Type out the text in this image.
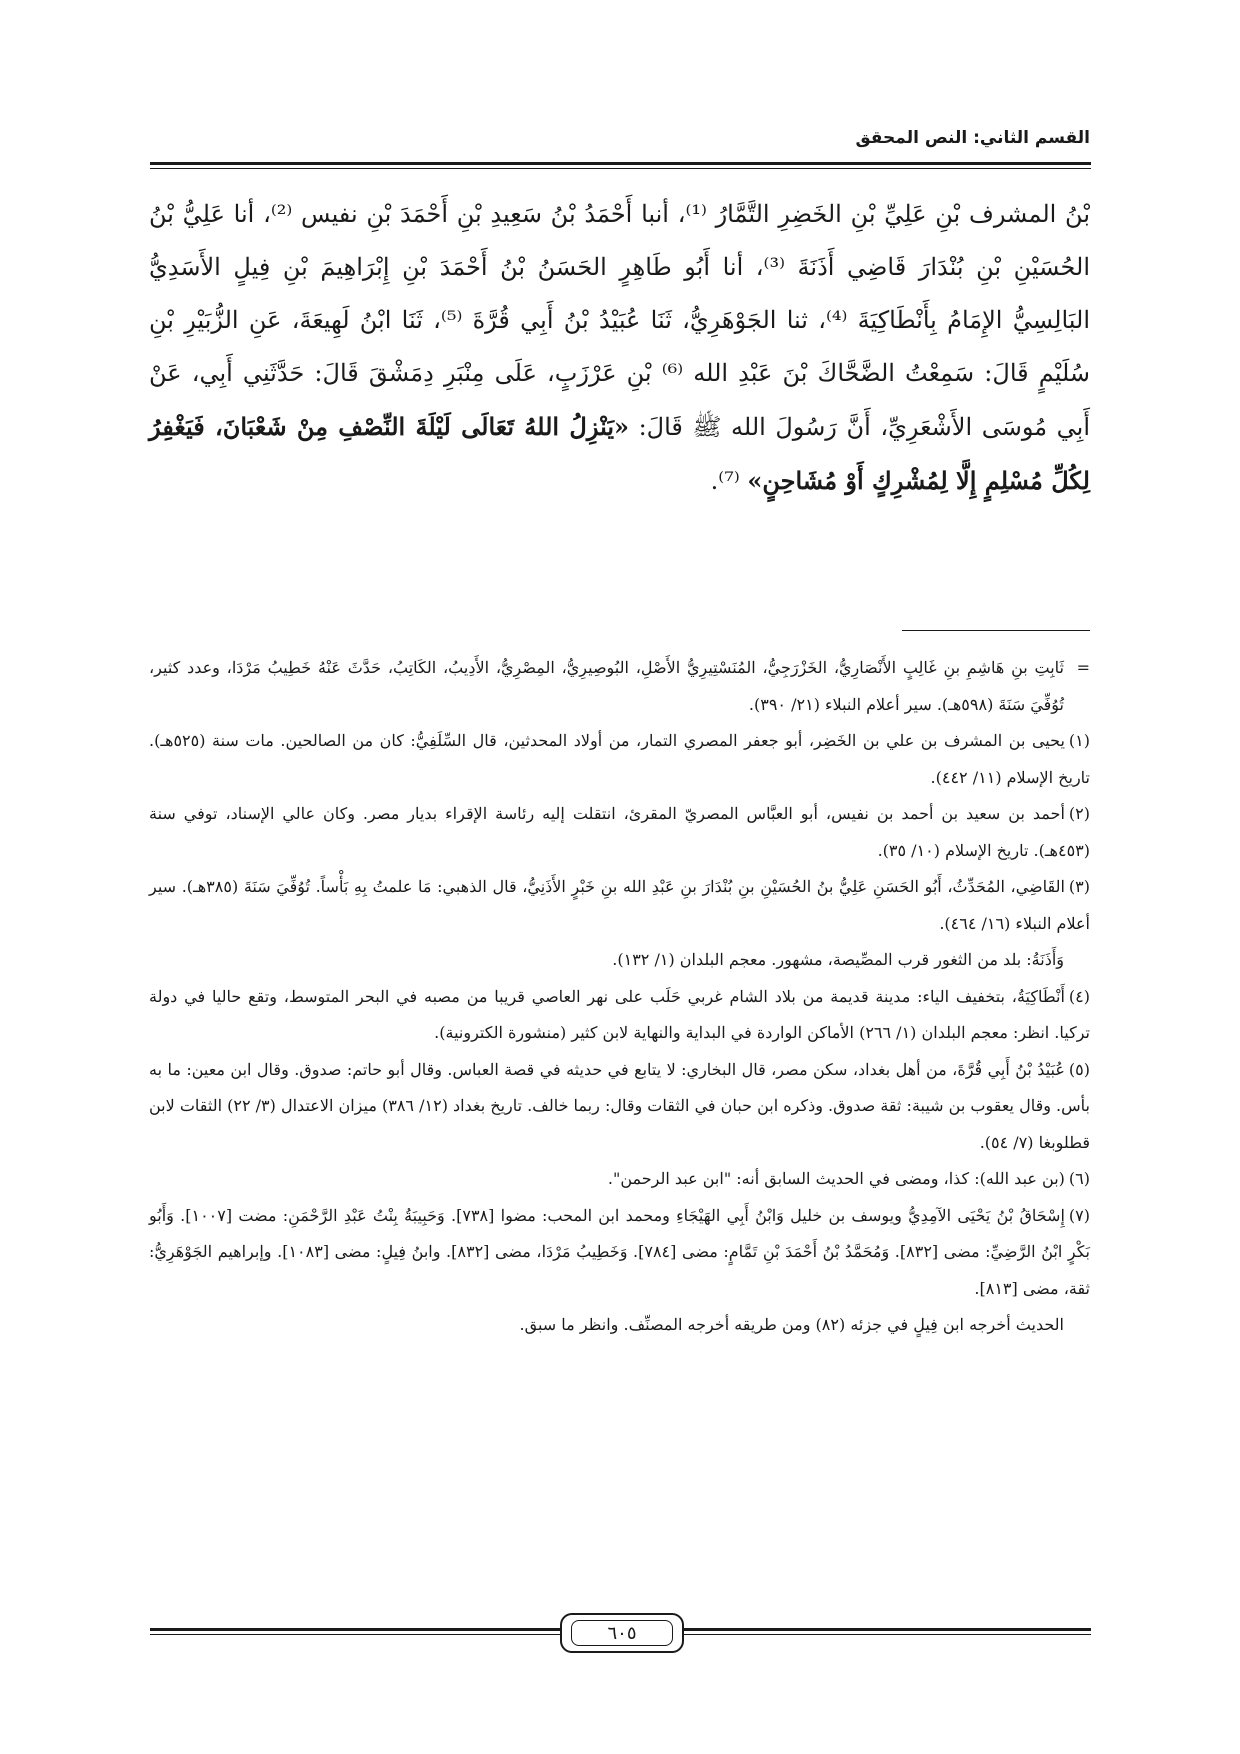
القسم الثاني: النص المحقق

بْنُ المشرف بْنِ عَلِيِّ بْنِ الخَضِرِ التَّمَّارُ ⁽¹⁾، أنبا أَحْمَدُ بْنُ سَعِيدِ بْنِ أَحْمَدَ بْنِ نفيس ⁽²⁾، أنا عَلِيُّ بْنُ الحُسَيْنِ بْنِ بُنْدَارَ قَاضِي أَذَنَةَ ⁽³⁾، أنا أَبُو طَاهِرٍ الحَسَنُ بْنُ أَحْمَدَ بْنِ إِبْرَاهِيمَ بْنِ فِيلٍ الأَسَدِيُّ البَالِسِيُّ الإِمَامُ بِأَنْطَاكِيَةَ ⁽⁴⁾، ثنا الجَوْهَرِيُّ، ثَنَا عُبَيْدُ بْنُ أَبِي قُرَّةَ ⁽⁵⁾، ثَنَا ابْنُ لَهِيعَةَ، عَنِ الزُّبَيْرِ بْنِ سُلَيْمٍ قَالَ: سَمِعْتُ الضَّحَّاكَ بْنَ عَبْدِ الله ⁽⁶⁾ بْنِ عَرْزَبٍ، عَلَى مِنْبَرِ دِمَشْقَ قَالَ: حَدَّثَنِي أَبِي، عَنْ أَبِي مُوسَى الأَشْعَرِيِّ، أَنَّ رَسُولَ الله ﷺ قَالَ: «يَنْزِلُ اللهُ تَعَالَى لَيْلَةَ النِّصْفِ مِنْ شَعْبَانَ، فَيَغْفِرُ لِكُلِّ مُسْلِمٍ إِلَّا لِمُشْرِكٍ أَوْ مُشَاحِنٍ» ⁽⁷⁾.

=
ثَابِتِ بنِ هَاشِمِ بنِ غَالِبٍ الأَنْصَارِيُّ، الخَزْرَجِيُّ، المُنَسْتِيرِيُّ الأَصْلِ، البُوصِيرِيُّ، المِصْرِيُّ، الأَدِيبُ، الكَاتِبُ، حَدَّثَ عَنْهُ خَطِيبُ مَرْدَا، وعدد كثير، تُوُفِّيَ سَنَةَ (٥٩٨هـ). سير أعلام النبلاء (٢١/ ٣٩٠).

(١)يحيى بن المشرف بن علي بن الخَضِر، أبو جعفر المصري التمار، من أولاد المحدثين، قال السِّلَفِيُّ: كان من الصالحين. مات سنة (٥٢٥هـ). تاريخ الإسلام (١١/ ٤٤٢).

(٢)أحمد بن سعيد بن أحمد بن نفيس، أبو العبَّاس المصريّ المقرئ، انتقلت إليه رئاسة الإقراء بديار مصر. وكان عالي الإسناد، توفي سنة (٤٥٣هـ). تاريخ الإسلام (١٠/ ٣٥).

(٣)القَاضِي، المُحَدِّثُ، أَبُو الحَسَنِ عَلِيُّ بنُ الحُسَيْنِ بنِ بُنْدَارَ بنِ عَبْدِ الله بنِ خَبْرٍ الأَذَنِيُّ، قال الذهبي: مَا علمتُ بِهِ بَأْساً. تُوُفِّيَ سَنَةَ (٣٨٥هـ). سير أعلام النبلاء (١٦/ ٤٦٤).

وَأَذَنَةُ: بلد من الثغور قرب المصِّيصة، مشهور. معجم البلدان (١/ ١٣٢).

(٤)أَنْطَاكِيَةُ، بتخفيف الياء: مدينة قديمة من بلاد الشام غربي حَلَب على نهر العاصي قريبا من مصبه في البحر المتوسط، وتقع حاليا في دولة تركيا. انظر: معجم البلدان (١/ ٢٦٦) الأماكن الواردة في البداية والنهاية لابن كثير (منشورة الكترونية).

(٥)عُبَيْدُ بْنُ أَبِي قُرَّةَ، من أهل بغداد، سكن مصر، قال البخاري: لا يتابع في حديثه في قصة العباس. وقال أبو حاتم: صدوق. وقال ابن معين: ما به بأس. وقال يعقوب بن شيبة: ثقة صدوق. وذكره ابن حبان في الثقات وقال: ربما خالف. تاريخ بغداد (١٢/ ٣٨٦) ميزان الاعتدال (٣/ ٢٢) الثقات لابن قطلوبغا (٧/ ٥٤).

(٦)(بن عبد الله): كذا، ومضى في الحديث السابق أنه: "ابن عبد الرحمن".

(٧)إِسْحَاقُ بْنُ يَحْيَى الآمِدِيُّ ويوسف بن خليل وَابْنُ أَبِي الهَيْجَاءِ ومحمد ابن المحب: مضوا [٧٣٨]. وَحَبِيبَةُ بِنْتُ عَبْدِ الرَّحْمَنِ: مضت [١٠٠٧]. وَأَبُو بَكْرٍ ابْنُ الرَّضِيِّ: مضى [٨٣٢]. وَمُحَمَّدُ بْنُ أَحْمَدَ بْنِ تَمَّامٍ: مضى [٧٨٤]. وَخَطِيبُ مَرْدَا، مضى [٨٣٢]. وابنُ فِيلٍ: مضى [١٠٨٣]. وإبراهيم الجَوْهَرِيُّ: ثقة، مضى [٨١٣].

الحديث أخرجه ابن فِيلٍ في جزئه (٨٢) ومن طريقه أخرجه المصنِّف. وانظر ما سبق.

٦٠٥
